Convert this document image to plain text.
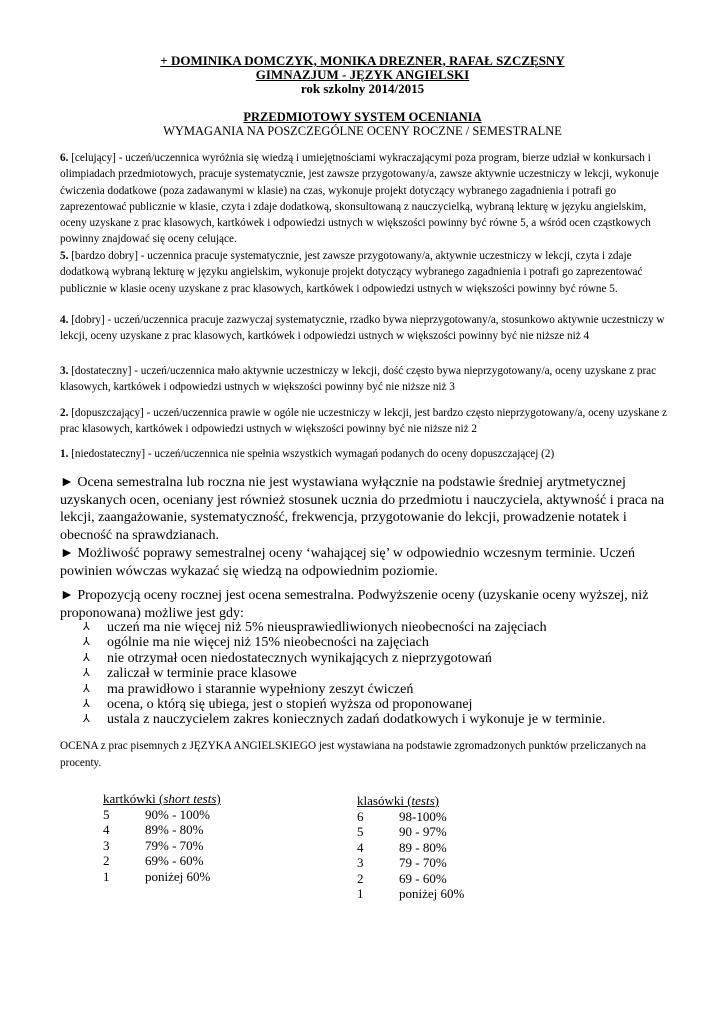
+ DOMINIKA DOMCZYK, MONIKA DREZNER, RAFAŁ SZCZĘSNY
GIMNAZJUM - JĘZYK ANGIELSKI
rok szkolny 2014/2015
PRZEDMIOTOWY SYSTEM OCENIANIA
WYMAGANIA NA POSZCZEGÓLNE OCENY ROCZNE / SEMESTRALNE
6. [celujący] - uczeń/uczennica wyróżnia się wiedzą i umiejętnościami wykraczającymi poza program, bierze udział w konkursach i olimpiadach przedmiotowych, pracuje systematycznie, jest zawsze przygotowany/a, zawsze aktywnie uczestniczy w lekcji, wykonuje ćwiczenia dodatkowe (poza zadawanymi w klasie) na czas, wykonuje projekt dotyczący wybranego zagadnienia i potrafi go zaprezentować publicznie w klasie, czyta i zdaje dodatkową, skonsultowaną z nauczycielką, wybraną lekturę w języku angielskim, oceny uzyskane z prac klasowych, kartkówek i odpowiedzi ustnych w większości powinny być równe 5, a wśród ocen cząstkowych powinny znajdować się oceny celujące.
5. [bardzo dobry] - uczennica pracuje systematycznie, jest zawsze przygotowany/a, aktywnie uczestniczy w lekcji, czyta i zdaje dodatkową wybraną lekturę w języku angielskim, wykonuje projekt dotyczący wybranego zagadnienia i potrafi go zaprezentować publicznie w klasie oceny uzyskane z prac klasowych, kartkówek i odpowiedzi ustnych w większości powinny być równe 5.
4. [dobry] - uczeń/uczennica pracuje zazwyczaj systematycznie, rzadko bywa nieprzygotowany/a, stosunkowo aktywnie uczestniczy w lekcji, oceny uzyskane z prac klasowych, kartkówek i odpowiedzi ustnych w większości powinny być nie niższe niż 4
3. [dostateczny] - uczeń/uczennica mało aktywnie uczestniczy w lekcji, dość często bywa nieprzygotowany/a, oceny uzyskane z prac klasowych, kartkówek i odpowiedzi ustnych w większości powinny być nie niższe niż 3
2. [dopuszczający] - uczeń/uczennica prawie w ogóle nie uczestniczy w lekcji, jest bardzo często nieprzygotowany/a, oceny uzyskane z prac klasowych, kartkówek i odpowiedzi ustnych w większości powinny być nie niższe niż 2
1. [niedostateczny] - uczeń/uczennica nie spełnia wszystkich wymagań podanych do oceny dopuszczającej (2)

► Ocena semestralna lub roczna nie jest wystawiana wyłącznie na podstawie średniej arytmetycznej uzyskanych ocen, oceniany jest również stosunek ucznia do przedmiotu i nauczyciela, aktywność i praca na lekcji, zaangażowanie, systematyczność, frekwencja, przygotowanie do lekcji, prowadzenie notatek i obecność na sprawdzianach.

► Możliwość poprawy semestralnej oceny ‘wahającej się’ w odpowiednio wczesnym terminie. Uczeń powinien wówczas wykazać się wiedzą na odpowiednim poziomie.

► Propozycją oceny rocznej jest ocena semestralna. Podwyższenie oceny (uzyskanie oceny wyższej, niż proponowana) możliwe jest gdy:

⅄ uczeń ma nie więcej niż 5% nieusprawiedliwionych nieobecności na zajęciach
⅄ ogólnie ma nie więcej niż 15% nieobecności na zajęciach
⅄ nie otrzymał ocen niedostatecznych wynikających z nieprzygotowań
⅄ zaliczał w terminie prace klasowe
⅄ ma prawidłowo i starannie wypełniony zeszyt ćwiczeń
⅄ ocena, o którą się ubiega, jest o stopień wyższa od proponowanej
⅄ ustala z nauczycielem zakres koniecznych zadań dodatkowych i wykonuje je w terminie.
OCENA z prac pisemnych z JĘZYKA ANGIELSKIEGO jest wystawiana na podstawie zgromadzonych punktów przeliczanych na procenty.
kartkówki (short tests)	
5	90% - 100%
4	89% - 80%
3	79% - 70%
2	69% - 60%
1	poniżej 60%
klasówki (tests)	
6	98-100%
5	90 - 97%
4	89 - 80%
3	79 - 70%
2	69 - 60%
1	poniżej 60%
